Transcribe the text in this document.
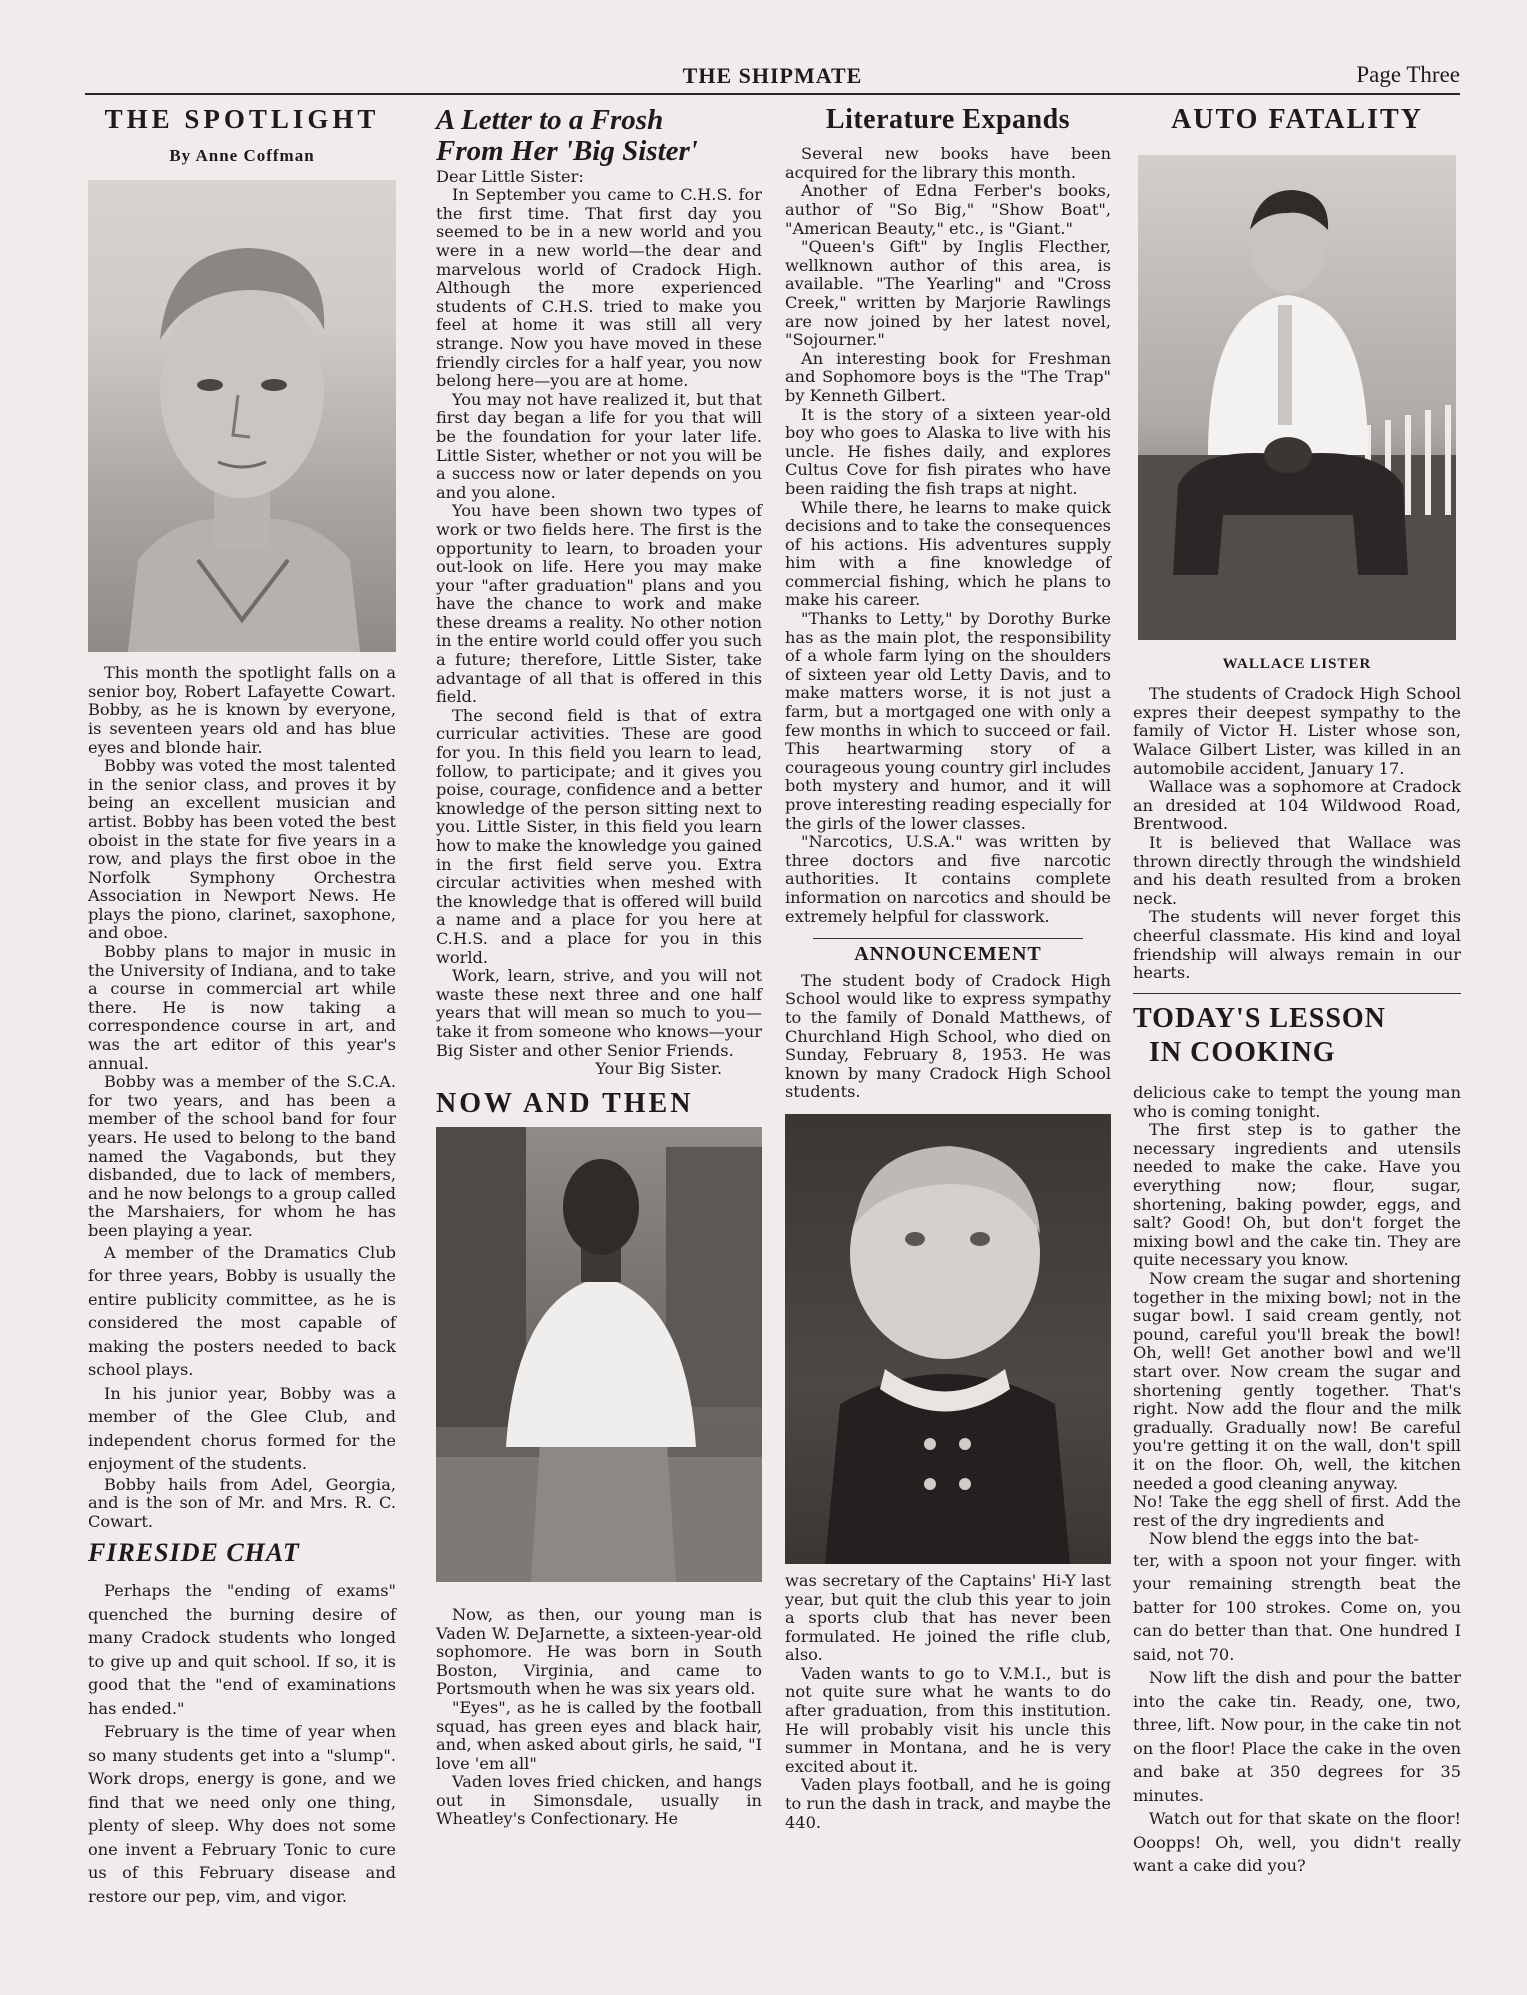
THE SHIPMATE	Page Three
THE SPOTLIGHT
By Anne Coffman

This month the spotlight falls on a senior boy, Robert Lafayette Cowart. Bobby, as he is known by everyone, is seventeen years old and has blue eyes and blonde hair.

Bobby was voted the most talented in the senior class, and proves it by being an excellent musician and artist. Bobby has been voted the best oboist in the state for five years in a row, and plays the first oboe in the Norfolk Symphony Orchestra Association in Newport News. He plays the piono, clarinet, saxophone, and oboe.

Bobby plans to major in music in the University of Indiana, and to take a course in commercial art while there. He is now taking a correspondence course in art, and was the art editor of this year's annual.

Bobby was a member of the S.C.A. for two years, and has been a member of the school band for four years. He used to belong to the band named the Vagabonds, but they disbanded, due to lack of members, and he now belongs to a group called the Marshaiers, for whom he has been playing a year.

A member of the Dramatics Club for three years, Bobby is usually the entire publicity committee, as he is considered the most capable of making the posters needed to back school plays.

In his junior year, Bobby was a member of the Glee Club, and independent chorus formed for the enjoyment of the students.

Bobby hails from Adel, Georgia, and is the son of Mr. and Mrs. R. C. Cowart.

FIRESIDE CHAT

Perhaps the "ending of exams" quenched the burning desire of many Cradock students who longed to give up and quit school. If so, it is good that the "end of examinations has ended."

February is the time of year when so many students get into a "slump". Work drops, energy is gone, and we find that we need only one thing, plenty of sleep. Why does not some one invent a February Tonic to cure us of this February disease and restore our pep, vim, and vigor.

A Letter to a Frosh
From Her 'Big Sister'

Dear Little Sister:

In September you came to C.H.S. for the first time. That first day you seemed to be in a new world and you were in a new world—the dear and marvelous world of Cradock High. Although the more experienced students of C.H.S. tried to make you feel at home it was still all very strange. Now you have moved in these friendly circles for a half year, you now belong here—you are at home.

You may not have realized it, but that first day began a life for you that will be the foundation for your later life. Little Sister, whether or not you will be a success now or later depends on you and you alone.

You have been shown two types of work or two fields here. The first is the opportunity to learn, to broaden your out-look on life. Here you may make your "after graduation" plans and you have the chance to work and make these dreams a reality. No other notion in the entire world could offer you such a future; therefore, Little Sister, take advantage of all that is offered in this field.

The second field is that of extra curricular activities. These are good for you. In this field you learn to lead, follow, to participate; and it gives you poise, courage, confidence and a better knowledge of the person sitting next to you. Little Sister, in this field you learn how to make the knowledge you gained in the first field serve you. Extra circular activities when meshed with the knowledge that is offered will build a name and a place for you here at C.H.S. and a place for you in this world.

Work, learn, strive, and you will not waste these next three and one half years that will mean so much to you—take it from someone who knows—your Big Sister and other Senior Friends.

Your Big Sister.

NOW AND THEN

Now, as then, our young man is Vaden W. DeJarnette, a sixteen-year-old sophomore. He was born in South Boston, Virginia, and came to Portsmouth when he was six years old.

"Eyes", as he is called by the football squad, has green eyes and black hair, and, when asked about girls, he said, "I love 'em all"

Vaden loves fried chicken, and hangs out in Simonsdale, usually in Wheatley's Confectionary. He

Literature Expands

Several new books have been acquired for the library this month.

Another of Edna Ferber's books, author of "So Big," "Show Boat", "American Beauty," etc., is "Giant."

"Queen's Gift" by Inglis Flecther, wellknown author of this area, is available. "The Yearling" and "Cross Creek," written by Marjorie Rawlings are now joined by her latest novel, "Sojourner."

An interesting book for Freshman and Sophomore boys is the "The Trap" by Kenneth Gilbert.

It is the story of a sixteen year-old boy who goes to Alaska to live with his uncle. He fishes daily, and explores Cultus Cove for fish pirates who have been raiding the fish traps at night.

While there, he learns to make quick decisions and to take the consequences of his actions. His adventures supply him with a fine knowledge of commercial fishing, which he plans to make his career.

"Thanks to Letty," by Dorothy Burke has as the main plot, the responsibility of a whole farm lying on the shoulders of sixteen year old Letty Davis, and to make matters worse, it is not just a farm, but a mortgaged one with only a few months in which to succeed or fail. This heartwarming story of a courageous young country girl includes both mystery and humor, and it will prove interesting reading especially for the girls of the lower classes.

"Narcotics, U.S.A." was written by three doctors and five narcotic authorities. It contains complete information on narcotics and should be extremely helpful for classwork.

ANNOUNCEMENT

The student body of Cradock High School would like to express sympathy to the family of Donald Matthews, of Churchland High School, who died on Sunday, February 8, 1953. He was known by many Cradock High School students.

was secretary of the Captains' Hi-Y last year, but quit the club this year to join a sports club that has never been formulated. He joined the rifle club, also.

Vaden wants to go to V.M.I., but is not quite sure what he wants to do after graduation, from this institution. He will probably visit his uncle this summer in Montana, and he is very excited about it.

Vaden plays football, and he is going to run the dash in track, and maybe the 440.

AUTO FATALITY
WALLACE LISTER

The students of Cradock High School expres their deepest sympathy to the family of Victor H. Lister whose son, Walace Gilbert Lister, was killed in an automobile accident, January 17.

Wallace was a sophomore at Cradock an dresided at 104 Wildwood Road, Brentwood.

It is believed that Wallace was thrown directly through the windshield and his death resulted from a broken neck.

The students will never forget this cheerful classmate. His kind and loyal friendship will always remain in our hearts.

TODAY'S LESSON
IN COOKING

delicious cake to tempt the young man who is coming tonight.

The first step is to gather the necessary ingredients and utensils needed to make the cake. Have you everything now; flour, sugar, shortening, baking powder, eggs, and salt? Good! Oh, but don't forget the mixing bowl and the cake tin. They are quite necessary you know.

Now cream the sugar and shortening together in the mixing bowl; not in the sugar bowl. I said cream gently, not pound, careful you'll break the bowl! Oh, well! Get another bowl and we'll start over. Now cream the sugar and shortening gently together. That's right. Now add the flour and the milk gradually. Gradually now! Be careful you're getting it on the wall, don't spill it on the floor. Oh, well, the kitchen needed a good cleaning anyway.

No! Take the egg shell of first. Add the rest of the dry ingredients and

Now blend the eggs into the bat-

ter, with a spoon not your finger. with your remaining strength beat the batter for 100 strokes. Come on, you can do better than that. One hundred I said, not 70.

Now lift the dish and pour the batter into the cake tin. Ready, one, two, three, lift. Now pour, in the cake tin not on the floor! Place the cake in the oven and bake at 350 degrees for 35 minutes.

Watch out for that skate on the floor! Ooopps! Oh, well, you didn't really want a cake did you?
